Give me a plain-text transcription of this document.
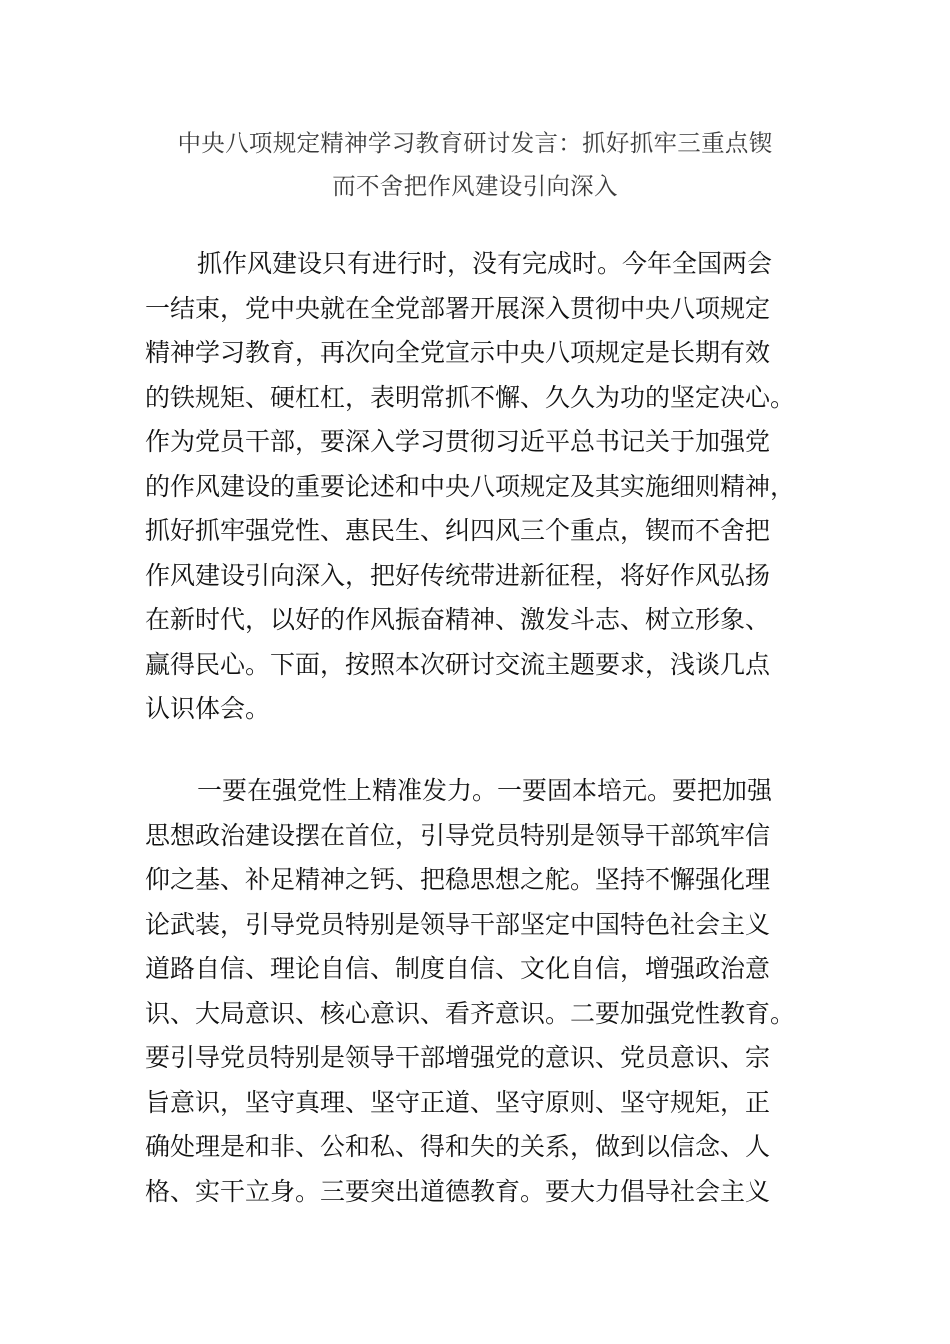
中央八项规定精神学习教育研讨发言：抓好抓牢三重点锲
而不舍把作风建设引向深入
抓作风建设只有进行时，没有完成时。今年全国两会
一结束，党中央就在全党部署开展深入贯彻中央八项规定
精神学习教育，再次向全党宣示中央八项规定是长期有效
的铁规矩、硬杠杠，表明常抓不懈、久久为功的坚定决心。
作为党员干部，要深入学习贯彻习近平总书记关于加强党
的作风建设的重要论述和中央八项规定及其实施细则精神，
抓好抓牢强党性、惠民生、纠四风三个重点，锲而不舍把
作风建设引向深入，把好传统带进新征程，将好作风弘扬
在新时代，以好的作风振奋精神、激发斗志、树立形象、
赢得民心。下面，按照本次研讨交流主题要求，浅谈几点
认识体会。
一要在强党性上精准发力。一要固本培元。要把加强
思想政治建设摆在首位，引导党员特别是领导干部筑牢信
仰之基、补足精神之钙、把稳思想之舵。坚持不懈强化理
论武装，引导党员特别是领导干部坚定中国特色社会主义
道路自信、理论自信、制度自信、文化自信，增强政治意
识、大局意识、核心意识、看齐意识。二要加强党性教育。
要引导党员特别是领导干部增强党的意识、党员意识、宗
旨意识，坚守真理、坚守正道、坚守原则、坚守规矩，正
确处理是和非、公和私、得和失的关系，做到以信念、人
格、实干立身。三要突出道德教育。要大力倡导社会主义
